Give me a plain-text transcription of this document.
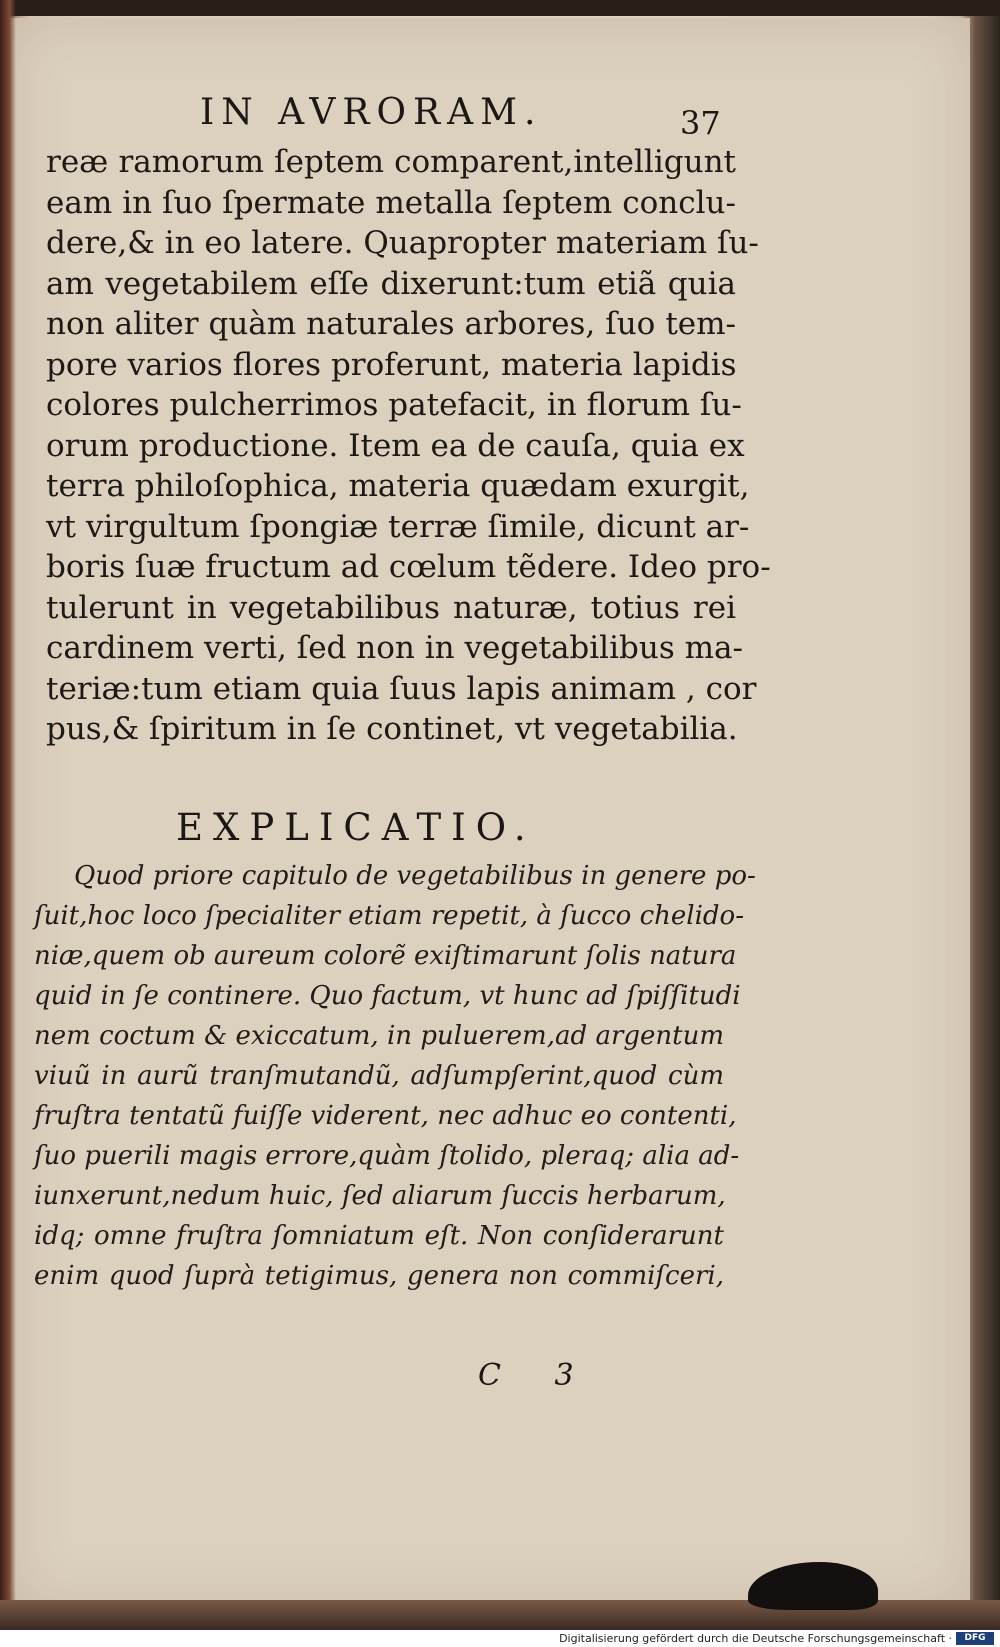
IN AVRORAM.	37
reæ ramorum ſeptem comparent,intelligunt
eam in ſuo ſpermate metalla ſeptem conclu-
dere,& in eo latere. Quapropter materiam ſu-
am vegetabilem eſſe dixerunt:tum etiã quia
non aliter quàm naturales arbores, ſuo tem-
pore varios flores proferunt, materia lapidis
colores pulcherrimos patefacit, in florum ſu-
orum productione. Item ea de cauſa, quia ex
terra philoſophica, materia quædam exurgit,
vt virgultum ſpongiæ terræ ſimile, dicunt ar-
boris ſuæ fructum ad cœlum tẽdere. Ideo pro-
tulerunt in vegetabilibus naturæ, totius rei
cardinem verti, ſed non in vegetabilibus ma-
teriæ:tum etiam quia ſuus lapis animam , cor
pus,& ſpiritum in ſe continet, vt vegetabilia.
EXPLICATIO.
Quod priore capitulo de vegetabilibus in genere po-
ſuit,hoc loco ſpecialiter etiam repetit, à ſucco chelido-
niæ,quem ob aureum colorẽ exiſtimarunt ſolis natura
quid in ſe continere. Quo factum, vt hunc ad ſpiſſitudi
nem coctum & exiccatum, in puluerem,ad argentum
viuũ in aurũ tranſmutandũ, adſumpſerint,quod cùm
fruſtra tentatũ fuiſſe viderent, nec adhuc eo contenti,
ſuo puerili magis errore,quàm ſtolido, pleraq; alia ad-
iunxerunt,nedum huic, ſed aliarum ſuccis herbarum,
idq; omne fruſtra ſomniatum eſt. Non conſiderarunt
enim quod ſuprà tetigimus, genera non commiſceri,
C 3
Digitalisierung gefördert durch die Deutsche Forschungsgemeinschaft ·	DFG
